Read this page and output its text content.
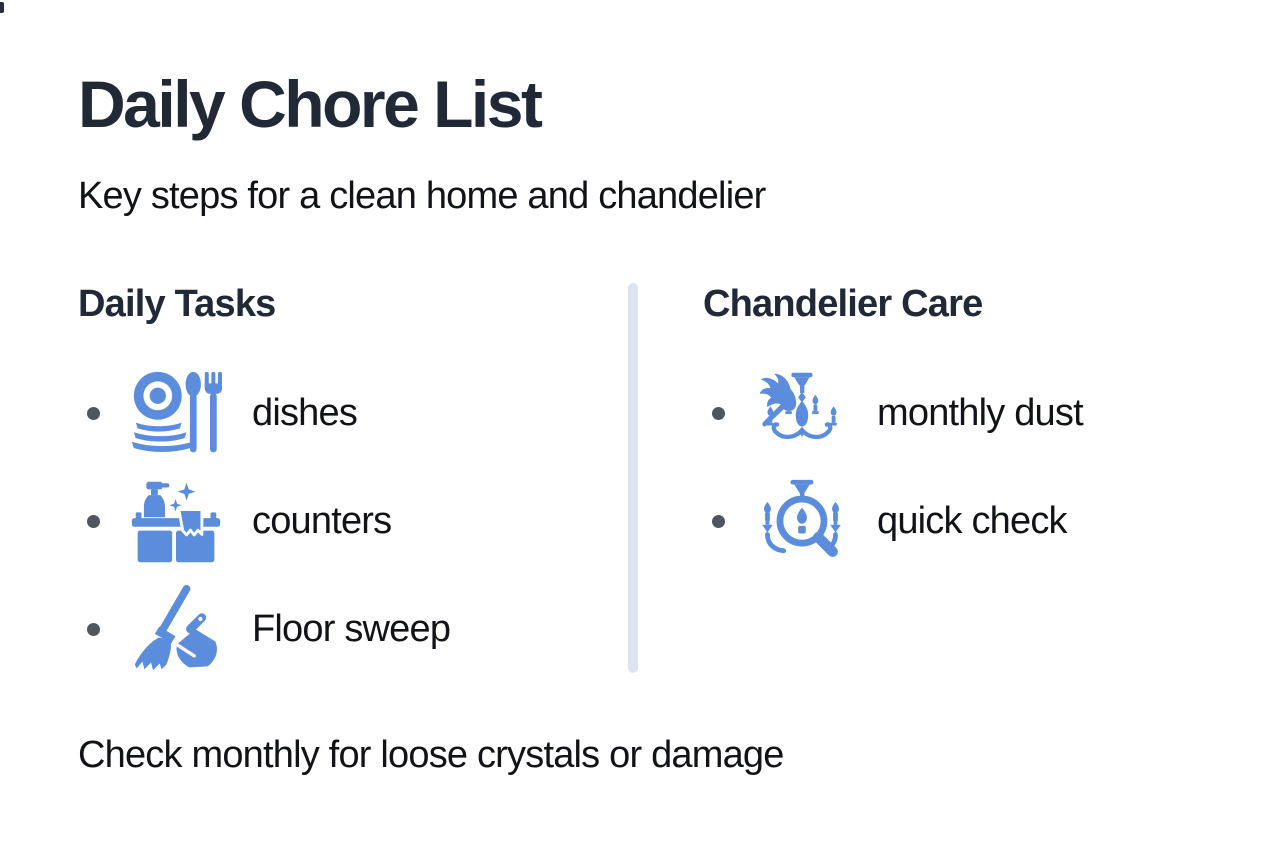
Daily Chore List

Key steps for a clean home and chandelier

Daily Tasks
dishes
counters
Floor sweep
Chandelier Care
monthly dust
quick check

Check monthly for loose crystals or damage
